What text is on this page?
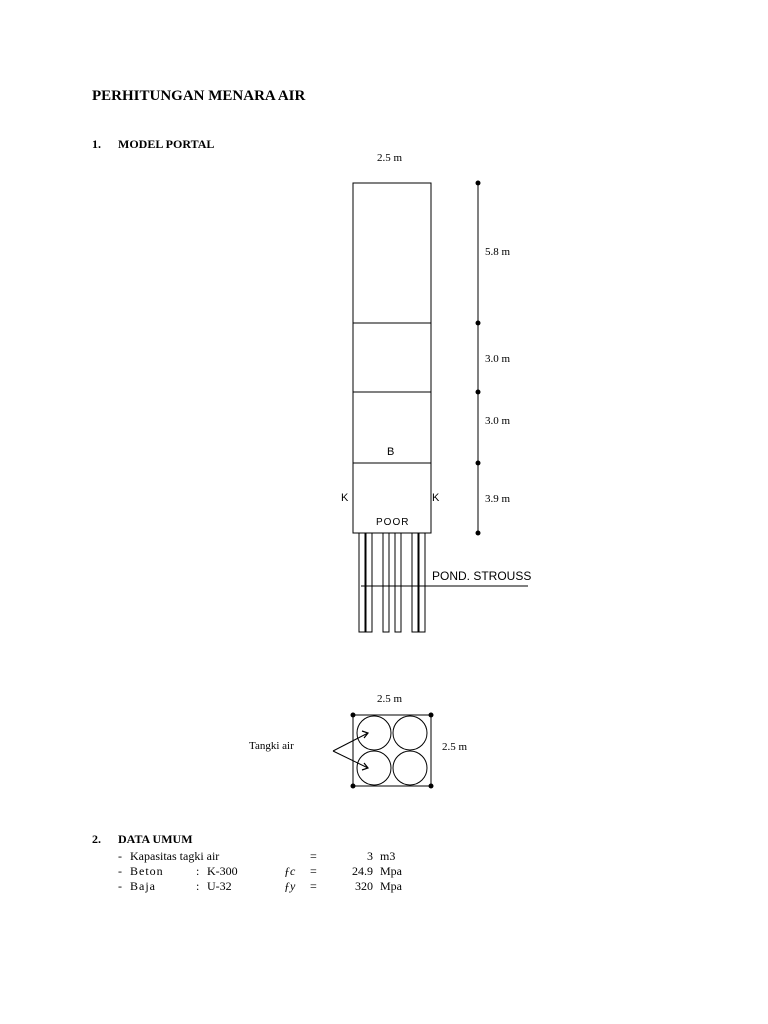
PERHITUNGAN MENARA AIR
1. MODEL PORTAL
2.5 m
5.8 m
3.0 m
3.0 m
3.9 m
B
K	K
POOR
POND. STROUSS
2.5 m
2.5 m
Tangki air
2. DATA UMUM
- Kapasitas tagki air	=	3 m3
- Beton	: K-300	ƒc =	24.9 Mpa
- Baja	: U-32	ƒy =	320 Mpa
